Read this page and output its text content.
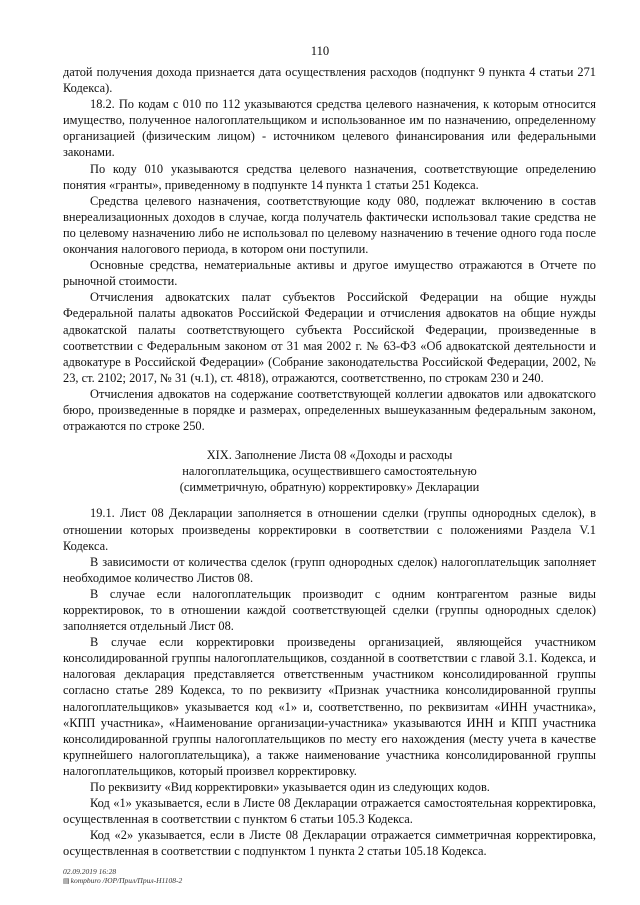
110

датой получения дохода признается дата осуществления расходов (подпункт 9 пункта 4 статьи 271 Кодекса).

18.2. По кодам с 010 по 112 указываются средства целевого назначения, к которым относится имущество, полученное налогоплательщиком и использованное им по назначению, определенному организацией (физическим лицом) - источником целевого финансирования или федеральными законами.

По коду 010 указываются средства целевого назначения, соответствующие определению понятия «гранты», приведенному в подпункте 14 пункта 1 статьи 251 Кодекса.

Средства целевого назначения, соответствующие коду 080, подлежат включению в состав внереализационных доходов в случае, когда получатель фактически использовал такие средства не по целевому назначению либо не использовал по целевому назначению в течение одного года после окончания налогового периода, в котором они поступили.

Основные средства, нематериальные активы и другое имущество отражаются в Отчете по рыночной стоимости.

Отчисления адвокатских палат субъектов Российской Федерации на общие нужды Федеральной палаты адвокатов Российской Федерации и отчисления адвокатов на общие нужды адвокатской палаты соответствующего субъекта Российской Федерации, произведенные в соответствии с Федеральным законом от 31 мая 2002 г. № 63-ФЗ «Об адвокатской деятельности и адвокатуре в Российской Федерации» (Собрание законодательства Российской Федерации, 2002, № 23, ст. 2102; 2017, № 31 (ч.1), ст. 4818), отражаются, соответственно, по строкам 230 и 240.

Отчисления адвокатов на содержание соответствующей коллегии адвокатов или адвокатского бюро, произведенные в порядке и размерах, определенных вышеуказанным федеральным законом, отражаются по строке 250.

XIX. Заполнение Листа 08 «Доходы и расходы
налогоплательщика, осуществившего самостоятельную
(симметричную, обратную) корректировку» Декларации

19.1. Лист 08 Декларации заполняется в отношении сделки (группы однородных сделок), в отношении которых произведены корректировки в соответствии с положениями Раздела V.1 Кодекса.

В зависимости от количества сделок (групп однородных сделок) налогоплательщик заполняет необходимое количество Листов 08.

В случае если налогоплательщик производит с одним контрагентом разные виды корректировок, то в отношении каждой соответствующей сделки (группы однородных сделок) заполняется отдельный Лист 08.

В случае если корректировки произведены организацией, являющейся участником консолидированной группы налогоплательщиков, созданной в соответствии с главой 3.1. Кодекса, и налоговая декларация представляется ответственным участником консолидированной группы согласно статье 289 Кодекса, то по реквизиту «Признак участника консолидированной группы налогоплательщиков» указывается код «1» и, соответственно, по реквизитам «ИНН участника», «КПП участника», «Наименование организации-участника» указываются ИНН и КПП участника консолидированной группы налогоплательщиков по месту его нахождения (месту учета в качестве крупнейшего налогоплательщика), а также наименование участника консолидированной группы налогоплательщиков, который произвел корректировку.

По реквизиту «Вид корректировки» указывается один из следующих кодов.

Код «1» указывается, если в Листе 08 Декларации отражается самостоятельная корректировка, осуществленная в соответствии с пунктом 6 статьи 105.3 Кодекса.

Код «2» указывается, если в Листе 08 Декларации отражается симметричная корректировка, осуществленная в соответствии с подпунктом 1 пункта 2 статьи 105.18 Кодекса.

02.09.2019 16:28
▤kompburo /ЮР/Прил/Прил-Н1108-2
